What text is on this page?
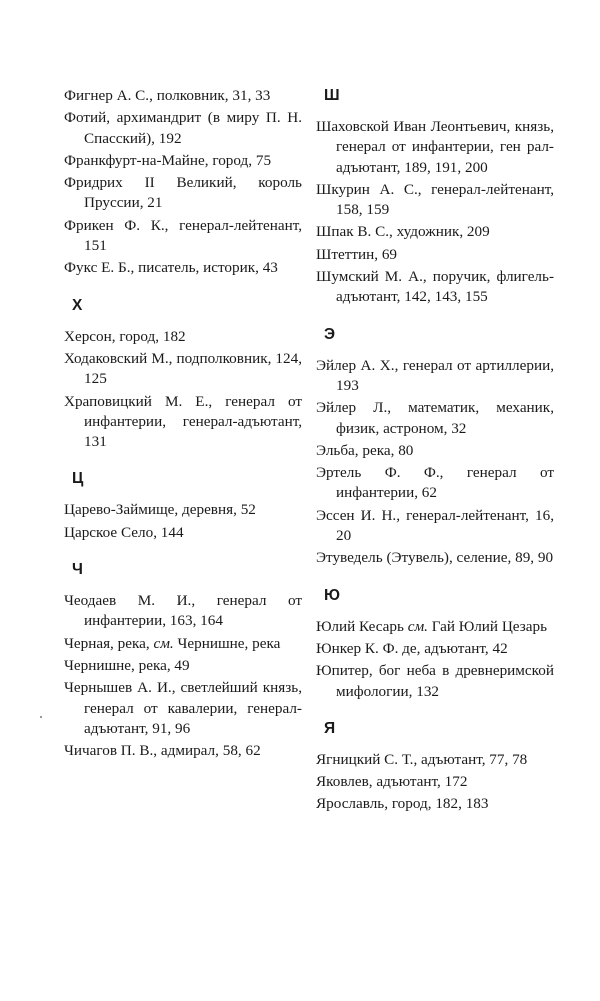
Фигнер А. С., полковник, 31, 33
Фотий, архимандрит (в миру П. Н. Спасский), 192
Франкфурт-на-Майне, город, 75
Фридрих II Великий, король Пруссии, 21
Фрикен Ф. К., генерал-лейтенант, 151
Фукс Е. Б., писатель, историк, 43
Х
Херсон, город, 182
Ходаковский М., подполковник, 124, 125
Храповицкий М. Е., генерал от инфантерии, генерал-адъютант, 131
Ц
Царево-Займище, деревня, 52
Царское Село, 144
Ч
Чеодаев М. И., генерал от инфантерии, 163, 164
Черная, река, см. Чернишне, река
Чернишне, река, 49
Чернышев А. И., светлейший князь, генерал от кавалерии, генерал-адъютант, 91, 96
Чичагов П. В., адмирал, 58, 62
Ш
Шаховской Иван Леонтьевич, князь, генерал от инфантерии, ген рал-адъютант, 189, 191, 200
Шкурин А. С., генерал-лейтенант, 158, 159
Шпак В. С., художник, 209
Штеттин, 69
Шумский М. А., поручик, флигель-адъютант, 142, 143, 155
Э
Эйлер А. Х., генерал от артиллерии, 193
Эйлер Л., математик, механик, физик, астроном, 32
Эльба, река, 80
Эртель Ф. Ф., генерал от инфантерии, 62
Эссен И. Н., генерал-лейтенант, 16, 20
Этуведель (Этувель), селение, 89, 90
Ю
Юлий Кесарь см. Гай Юлий Цезарь
Юнкер К. Ф. де, адъютант, 42
Юпитер, бог неба в древнеримской мифологии, 132
Я
Ягницкий С. Т., адъютант, 77, 78
Яковлев, адъютант, 172
Ярославль, город, 182, 183
